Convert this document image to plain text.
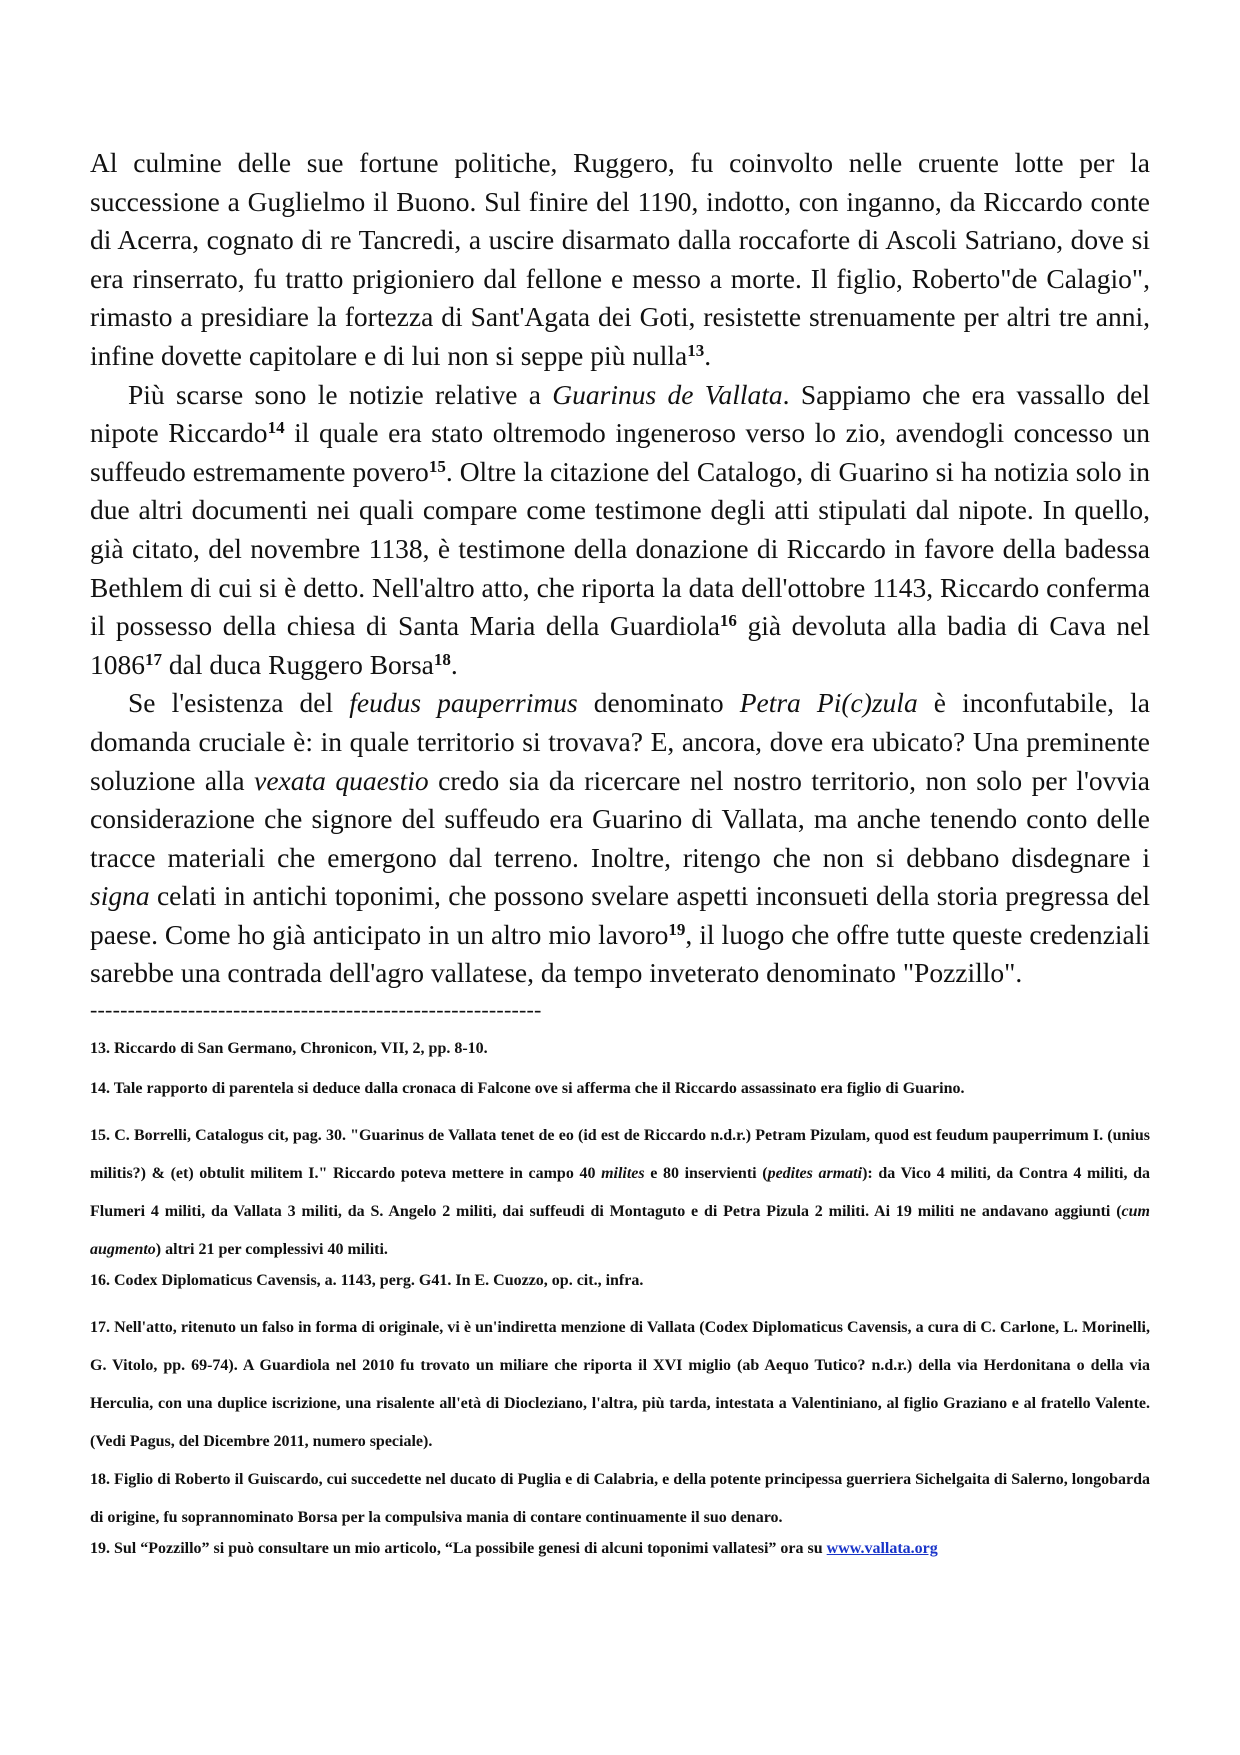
Al culmine delle sue fortune politiche, Ruggero, fu coinvolto nelle cruente lotte per la successione a Guglielmo il Buono. Sul finire del 1190, indotto, con inganno, da Riccardo conte di Acerra, cognato di re Tancredi, a uscire disarmato dalla roccaforte di Ascoli Satriano, dove si era rinserrato, fu tratto prigioniero dal fellone e messo a morte. Il figlio, Roberto"de Calagio", rimasto a presidiare la fortezza di Sant'Agata dei Goti, resistette strenuamente per altri tre anni, infine dovette capitolare e di lui non si seppe più nulla$^{13}$.

Più scarse sono le notizie relative a Guarinus de Vallata. Sappiamo che era vassallo del nipote Riccardo$^{14}$ il quale era stato oltremodo ingeneroso verso lo zio, avendogli concesso un suffeudo estremamente povero$^{15}$. Oltre la citazione del Catalogo, di Guarino si ha notizia solo in due altri documenti nei quali compare come testimone degli atti stipulati dal nipote. In quello, già citato, del novembre 1138, è testimone della donazione di Riccardo in favore della badessa Bethlem di cui si è detto. Nell'altro atto, che riporta la data dell'ottobre 1143, Riccardo conferma il possesso della chiesa di Santa Maria della Guardiola$^{16}$ già devoluta alla badia di Cava nel 1086$^{17}$ dal duca Ruggero Borsa$^{18}$.

Se l'esistenza del feudus pauperrimus denominato Petra Pi(c)zula è inconfutabile, la domanda cruciale è: in quale territorio si trovava? E, ancora, dove era ubicato? Una preminente soluzione alla vexata quaestio credo sia da ricercare nel nostro territorio, non solo per l'ovvia considerazione che signore del suffeudo era Guarino di Vallata, ma anche tenendo conto delle tracce materiali che emergono dal terreno. Inoltre, ritengo che non si debbano disdegnare i signa celati in antichi toponimi, che possono svelare aspetti inconsueti della storia pregressa del paese. Come ho già anticipato in un altro mio lavoro$^{19}$, il luogo che offre tutte queste credenziali sarebbe una contrada dell'agro vallatese, da tempo inveterato denominato "Pozzillo".

------------------------------------------------------------

13. Riccardo di San Germano, Chronicon, VII, 2, pp. 8-10.

14. Tale rapporto di parentela si deduce dalla cronaca di Falcone ove si afferma che il Riccardo assassinato era figlio di Guarino.

15. C. Borrelli, Catalogus cit, pag. 30. "Guarinus de Vallata tenet de eo (id est de Riccardo n.d.r.) Petram Pizulam, quod est feudum pauperrimum I. (unius militis?) & (et) obtulit militem I." Riccardo poteva mettere in campo 40 milites e 80 inservienti (pedites armati): da Vico 4 militi, da Contra 4 militi, da Flumeri 4 militi, da Vallata 3 militi, da S. Angelo 2 militi, dai suffeudi di Montaguto e di Petra Pizula 2 militi. Ai 19 militi ne andavano aggiunti (cum augmento) altri 21 per complessivi 40 militi.

16. Codex Diplomaticus Cavensis, a. 1143, perg. G41. In E. Cuozzo, op. cit., infra.

17. Nell'atto, ritenuto un falso in forma di originale, vi è un'indiretta menzione di Vallata (Codex Diplomaticus Cavensis, a cura di C. Carlone, L. Morinelli, G. Vitolo, pp. 69-74). A Guardiola nel 2010 fu trovato un miliare che riporta il XVI miglio (ab Aequo Tutico? n.d.r.) della via Herdonitana o della via Herculia, con una duplice iscrizione, una risalente all'età di Diocleziano, l'altra, più tarda, intestata a Valentiniano, al figlio Graziano e al fratello Valente. (Vedi Pagus, del Dicembre 2011, numero speciale).

18. Figlio di Roberto il Guiscardo, cui succedette nel ducato di Puglia e di Calabria, e della potente principessa guerriera Sichelgaita di Salerno, longobarda di origine, fu soprannominato Borsa per la compulsiva mania di contare continuamente il suo denaro.

19. Sul “Pozzillo” si può consultare un mio articolo, “La possibile genesi di alcuni toponimi vallatesi” ora su www.vallata.org
